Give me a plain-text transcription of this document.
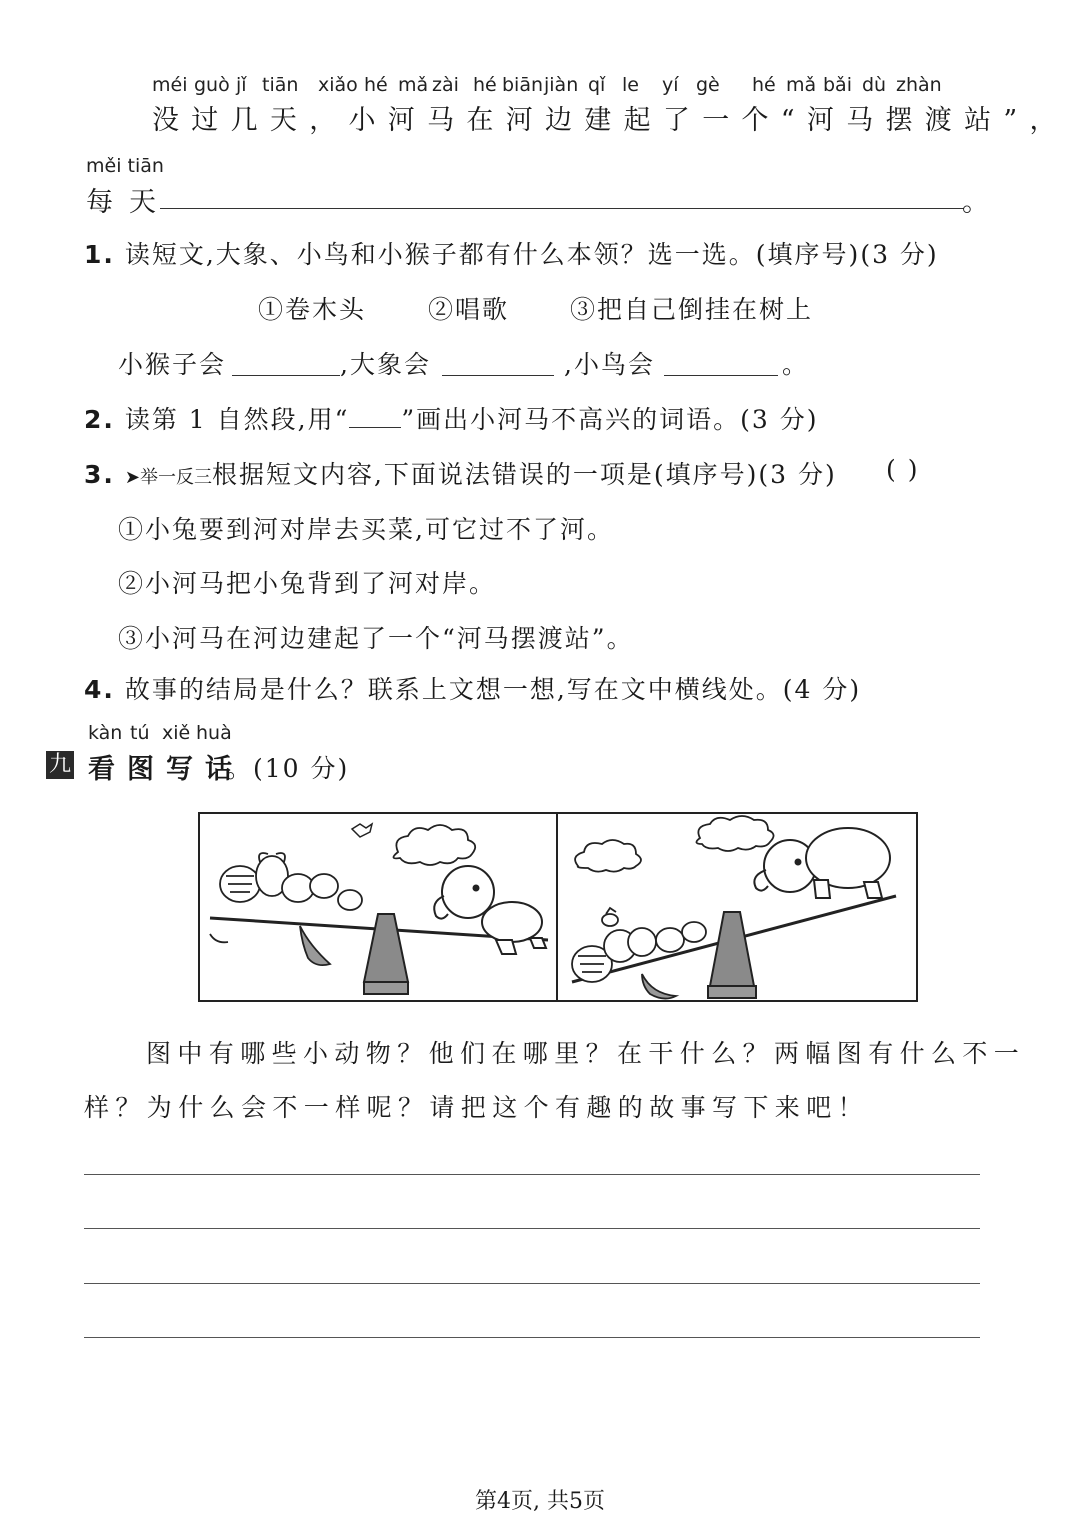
méi guò jǐ tiān xiǎo hé mǎ zài hé biān jiàn qǐ le yí gè hé mǎ bǎi dù zhàn
没过几天，小河马在河边建起了一个“河马摆渡站”，
měi tiān
每天	。
1. 读短文,大象、小鸟和小猴子都有什么本领？选一选。(填序号)(3 分)
①卷木头 ②唱歌 ③把自己倒挂在树上
小猴子会	,大象会	,小鸟会	。
2. 读第 1 自然段,用“ ”画出小河马不高兴的词语。(3 分)
3. ➤举一反三根据短文内容,下面说法错误的一项是(填序号)(3 分) ( )
①小兔要到河对岸去买菜,可它过不了河。
②小河马把小兔背到了河对岸。
③小河马在河边建起了一个“河马摆渡站”。
4. 故事的结局是什么？联系上文想一想,写在文中横线处。(4 分)
kàn tú xiě huà
九 看图写话
。(10 分)
图中有哪些小动物？他们在哪里？在干什么？两幅图有什么不一
样？为什么会不一样呢？请把这个有趣的故事写下来吧！
第4页, 共5页
